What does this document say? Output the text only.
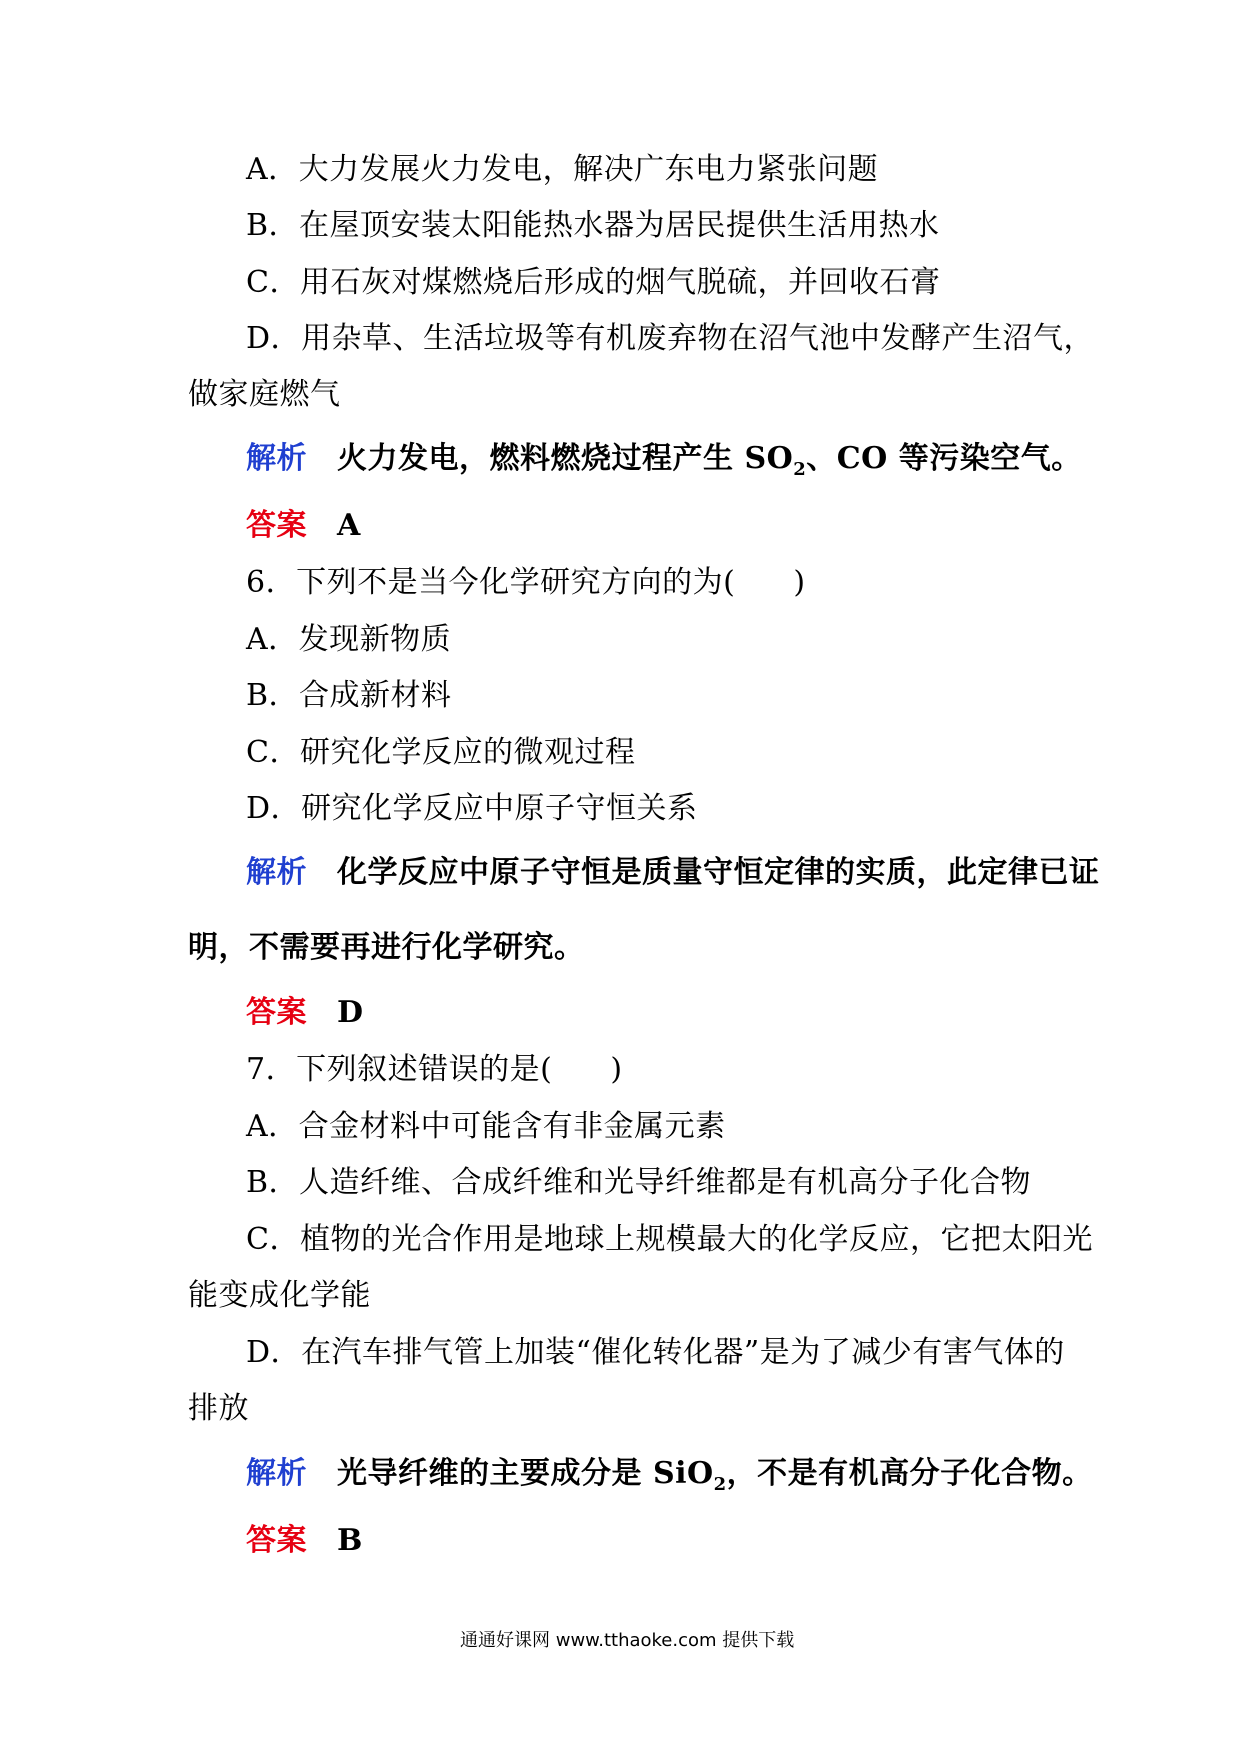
A．大力发展火力发电，解决广东电力紧张问题
B．在屋顶安装太阳能热水器为居民提供生活用热水
C．用石灰对煤燃烧后形成的烟气脱硫，并回收石膏
D．用杂草、生活垃圾等有机废弃物在沼气池中发酵产生沼气，
做家庭燃气
解析 火力发电，燃料燃烧过程产生 $SO_2$、CO 等污染空气。
答案 A
6．下列不是当今化学研究方向的为( )
A．发现新物质
B．合成新材料
C．研究化学反应的微观过程
D．研究化学反应中原子守恒关系
解析 化学反应中原子守恒是质量守恒定律的实质，此定律已证
明，不需要再进行化学研究。
答案 D
7．下列叙述错误的是( )
A．合金材料中可能含有非金属元素
B．人造纤维、合成纤维和光导纤维都是有机高分子化合物
C．植物的光合作用是地球上规模最大的化学反应，它把太阳光
能变成化学能
D．在汽车排气管上加装“催化转化器”是为了减少有害气体的
排放
解析 光导纤维的主要成分是 SiO$_2$，不是有机高分子化合物。
答案 B
通通好课网 www.tthaoke.com 提供下载
